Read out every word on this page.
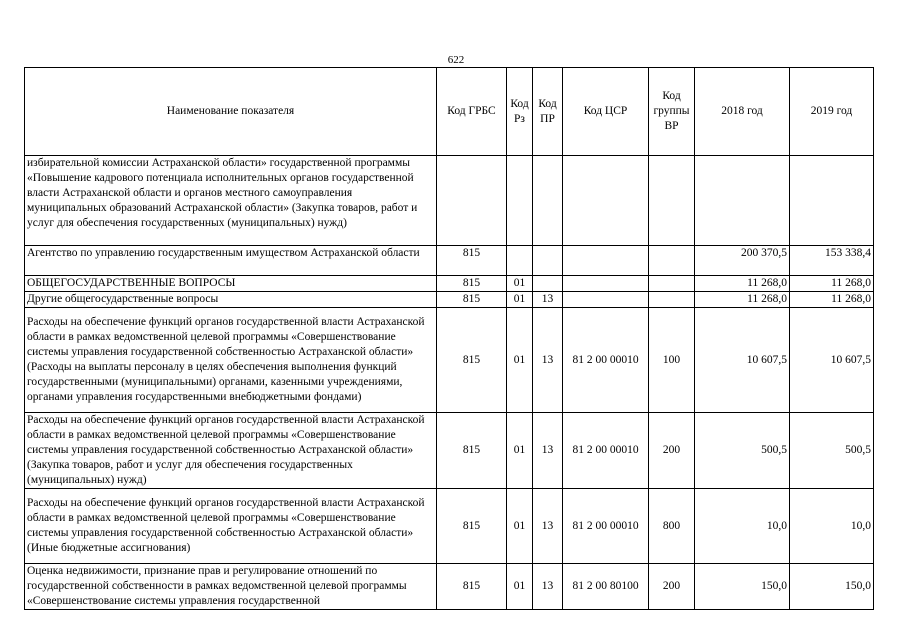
622
Наименование показателя	Код ГРБС	Код Рз	Код ПР	Код ЦСР	Код группы ВР	2018 год	2019 год
избирательной комиссии Астраханской области» государственной программы «Повышение кадрового потенциала исполнительных органов государственной власти Астраханской области и органов местного самоуправления муниципальных образований Астраханской области» (Закупка товаров, работ и услуг для обеспечения государственных (муниципальных) нужд)							
Агентство по управлению государственным имуществом Астраханской области	815					200 370,5	153 338,4
ОБЩЕГОСУДАРСТВЕННЫЕ ВОПРОСЫ	815	01				11 268,0	11 268,0
Другие общегосударственные вопросы	815	01	13			11 268,0	11 268,0
Расходы на обеспечение функций органов государственной власти Астраханской области в рамках ведомственной целевой программы «Совершенствование системы управления государственной собственностью Астраханской области» (Расходы на выплаты персоналу в целях обеспечения выполнения функций государственными (муниципальными) органами, казенными учреждениями, органами управления государственными внебюджетными фондами)	815	01	13	81 2 00 00010	100	10 607,5	10 607,5
Расходы на обеспечение функций органов государственной власти Астраханской области в рамках ведомственной целевой программы «Совершенствование системы управления государственной собственностью Астраханской области» (Закупка товаров, работ и услуг для обеспечения государственных (муниципальных) нужд)	815	01	13	81 2 00 00010	200	500,5	500,5
Расходы на обеспечение функций органов государственной власти Астраханской области в рамках ведомственной целевой программы «Совершенствование системы управления государственной собственностью Астраханской области» (Иные бюджетные ассигнования)	815	01	13	81 2 00 00010	800	10,0	10,0
Оценка недвижимости, признание прав и регулирование отношений по государственной собственности в рамках ведомственной целевой программы «Совершенствование системы управления государственной	815	01	13	81 2 00 80100	200	150,0	150,0
